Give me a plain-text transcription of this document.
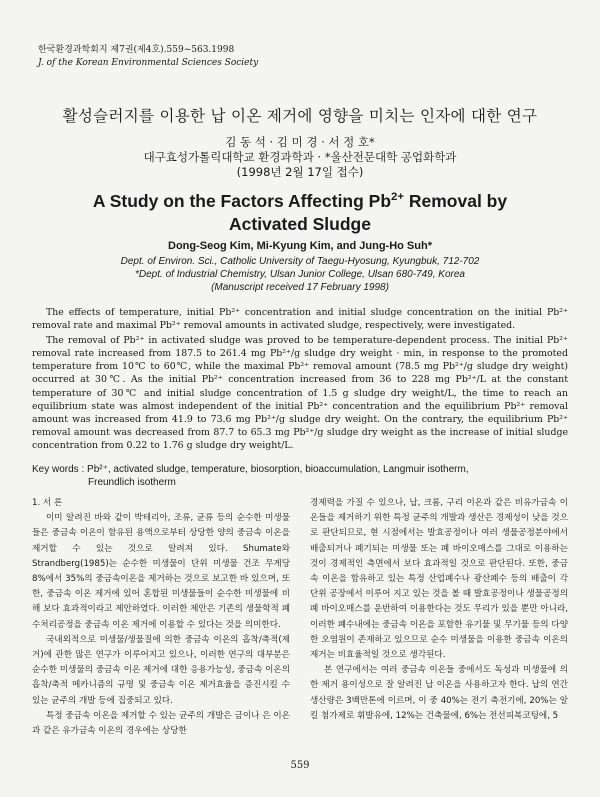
한국환경과학회지 제7권(제4호).559~563.1998
J. of the Korean Environmental Sciences Society
활성슬러지를 이용한 납 이온 제거에 영향을 미치는 인자에 대한 연구
김 동 석 · 김 미 경 · 서 정 호*
대구효성가톨릭대학교 환경과학과 · *울산전문대학 공업화학과
(1998년 2월 17일 접수)
A Study on the Factors Affecting $Pb^{2+}$ Removal by
Activated Sludge
Dong-Seog Kim, Mi-Kyung Kim, and Jung-Ho Suh*
Dept. of Environ. Sci., Catholic University of Taegu-Hyosung, Kyungbuk, 712-702
*Dept. of Industrial Chemistry, Ulsan Junior College, Ulsan 680-749, Korea
(Manuscript received 17 February 1998)

The effects of temperature, initial Pb²⁺ concentration and initial sludge concentration on the initial Pb²⁺ removal rate and maximal Pb²⁺ removal amounts in activated sludge, respectively, were investigated.

The removal of Pb²⁺ in activated sludge was proved to be temperature-dependent process. The initial Pb²⁺ removal rate increased from 187.5 to 261.4 mg Pb²⁺/g sludge dry weight · min, in response to the promoted temperature from 10℃ to 60℃, while the maximal Pb²⁺ removal amount (78.5 mg Pb²⁺/g sludge dry weight) occurred at 30℃. As the initial Pb²⁺ concentration increased from 36 to 228 mg Pb²⁺/L at the constant temperature of 30℃ and initial sludge concentration of 1.5 g sludge dry weight/L, the time to reach an equilibrium state was almost independent of the initial Pb²⁺ concentration and the equilibrium Pb²⁺ removal amount was increased from 41.9 to 73.6 mg Pb²⁺/g sludge dry weight. On the contrary, the equilibrium Pb²⁺ removal amount was decreased from 87.7 to 65.3 mg Pb²⁺/g sludge dry weight as the increase of initial sludge concentration from 0.22 to 1.76 g sludge dry weight/L.

Key words : Pb²⁺, activated sludge, temperature, biosorption, bioaccumulation, Langmuir isotherm,
Freundlich isotherm

1. 서 론

이미 알려진 바와 같이 박테리아, 조류, 균류 등의 순수한 미생물들은 중금속 이온이 함유된 용액으로부터 상당한 양의 중금속 이온을 제거할 수 있는 것으로 알려져 있다. Shumate와 Strandberg(1985)는 순수한 미생물이 단위 미생물 건조 무게당 8%에서 35%의 중금속이온을 제거하는 것으로 보고한 바 있으며, 또한, 중금속 이온 제거에 있어 혼합된 미생물들이 순수한 미생물에 비해 보다 효과적이라고 제안하였다. 이러한 제안은 기존의 생물학적 폐수처리공정을 중금속 이온 제거에 이용할 수 있다는 것을 의미한다.

국내외적으로 미생물/생물질에 의한 중금속 이온의 흡착/축적(제거)에 관한 많은 연구가 이루어지고 있으나, 이러한 연구의 대부분은 순수한 미생물의 중금속 이온 제거에 대한 응용가능성, 중금속 이온의 흡착/축적 메카니즘의 규명 및 중금속 이온 제거효율을 증진시킬 수 있는 균주의 개발 등에 집중되고 있다.

특정 중금속 이온을 제거할 수 있는 균주의 개발은 금이나 은 이온과 같은 유가금속 이온의 경우에는 상당한

경제력을 가질 수 있으나, 납, 크롬, 구리 이온과 같은 비유가금속 이온들을 제거하기 위한 특정 균주의 개발과 생산은 경제성이 낮을 것으로 판단되므로, 현 시점에서는 발효공정이나 여러 생물공정분야에서 배출되거나 폐기되는 미생물 또는 폐 바이오매스를 그대로 이용하는 것이 경제적인 측면에서 보다 효과적일 것으로 판단된다. 또한, 중금속 이온을 함유하고 있는 특정 산업폐수나 광산폐수 등의 배출이 각 단위 공장에서 이루어 지고 있는 것을 볼 때 발효공정이나 생물공정의 폐 바이오매스를 운반하여 이용한다는 것도 무리가 있을 뿐만 아니라, 이러한 폐수내에는 중금속 이온을 포함한 유기물 및 무기물 등의 다양한 오염원이 존재하고 있으므로 순수 미생물을 이용한 중금속 이온의 제거는 비효율적일 것으로 생각된다.

본 연구에서는 여러 중금속 이온들 중에서도 독성과 미생물에 의한 제거 용이성으로 잘 알려진 납 이온을 사용하고자 한다. 납의 연간 생산량은 3백만톤에 이르며, 이 중 40%는 전기 축전기에, 20%는 알킬 첨가제로 휘발유에, 12%는 건축물에, 6%는 전선피복코팅에, 5

559
